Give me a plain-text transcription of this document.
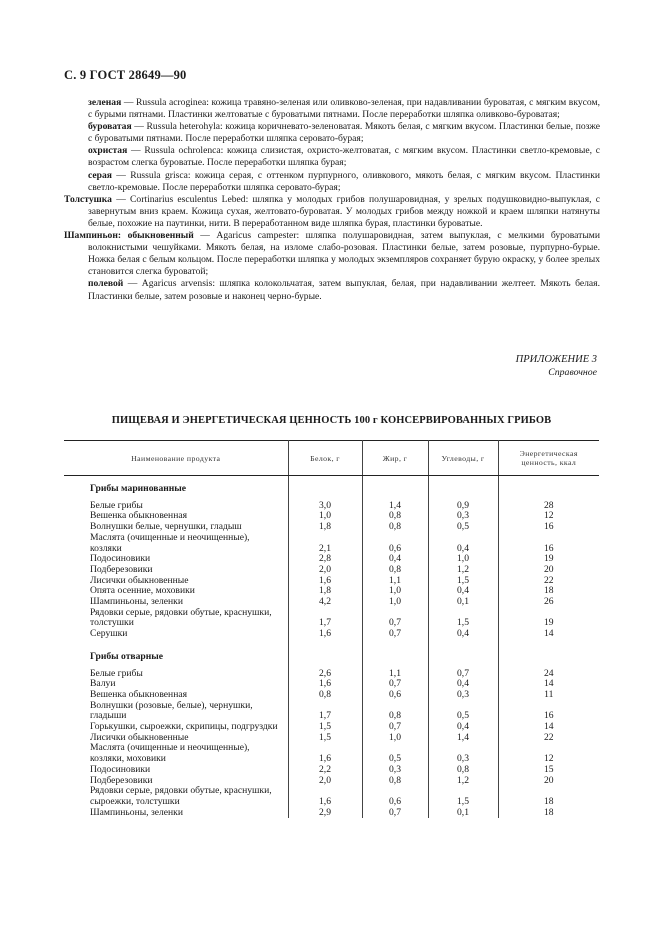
С. 9 ГОСТ 28649—90

зеленая — Russula acrоginea: кожица травяно-зеленая или оливково-зеленая, при надавливании буроватая, с мягким вкусом, с бурыми пятнами. Пластинки желтоватые с буроватыми пятнами. После переработки шляпка оливково-буроватая;

буроватая — Russula heterohyla: кожица коричневато-зеленоватая. Мякоть белая, с мягким вкусом. Пластинки белые, позже с буроватыми пятнами. После переработки шляпка серовато-бурая;

охристая — Russula ochrolenca: кожица слизистая, охристо-желтоватая, с мягким вкусом. Пластинки светло-кремовые, с возрастом слегка буроватые. После переработки шляпка бурая;

серая — Russula grisca: кожица серая, с оттенком пурпурного, оливкового, мякоть белая, с мягким вкусом. Пластинки светло-кремовые. После переработки шляпка серовато-бурая;

Толстушка — Cortinarius esculentus Lebed: шляпка у молодых грибов полушаровидная, у зрелых подушковидно-выпуклая, с завернутым вниз краем. Кожица сухая, желтовато-буроватая. У молодых грибов между ножкой и краем шляпки натянуты белые, похожие на паутинки, нити. В переработанном виде шляпка бурая, пластинки буроватые.

Шампиньон: обыкновенный — Agaricus campester: шляпка полушаровидная, затем выпуклая, с мелкими буроватыми волокнистыми чешуйками. Мякоть белая, на изломе слабо-розовая. Пластинки белые, затем розовые, пурпурно-бурые. Ножка белая с белым кольцом. После переработки шляпка у молодых экземпляров сохраняет бурую окраску, у более зрелых становится слегка буроватой;

полевой — Agaricus arvensis: шляпка колокольчатая, затем выпуклая, белая, при надавливании желтеет. Мякоть белая. Пластинки белые, затем розовые и наконец черно-бурые.

ПРИЛОЖЕНИЕ 3
Справочное
ПИЩЕВАЯ И ЭНЕРГЕТИЧЕСКАЯ ЦЕННОСТЬ 100 г КОНСЕРВИРОВАННЫХ ГРИБОВ
Наименование продукта	Белок, г	Жир, г	Углеводы, г	Энергетическая ценность, ккал

Грибы маринованные				
Белые грибы	3,0	1,4	0,9	28
Вешенка обыкновенная	1,0	0,8	0,3	12
Волнушки белые, чернушки, гладыш	1,8	0,8	0,5	16
Маслята (очищенные и неочищенные), козляки	2,1	0,6	0,4	16
Подосиновики	2,8	0,4	1,0	19
Подберезовики	2,0	0,8	1,2	20
Лисички обыкновенные	1,6	1,1	1,5	22
Опята осенние, моховики	1,8	1,0	0,4	18
Шампиньоны, зеленки	4,2	1,0	0,1	26
Рядовки серые, рядовки обутые, краснушки, толстушки	1,7	0,7	1,5	19
Серушки	1,6	0,7	0,4	14

Грибы отварные				
Белые грибы	2,6	1,1	0,7	24
Валуи	1,6	0,7	0,4	14
Вешенка обыкновенная	0,8	0,6	0,3	11
Волнушки (розовые, белые), чернушки, гладыши	1,7	0,8	0,5	16
Горькушки, сыроежки, скрипицы, подгруздки	1,5	0,7	0,4	14
Лисички обыкновенные	1,5	1,0	1,4	22
Маслята (очищенные и неочищенные), козляки, моховики	1,6	0,5	0,3	12
Подосиновики	2,2	0,3	0,8	15
Подберезовики	2,0	0,8	1,2	20
Рядовки серые, рядовки обутые, краснушки, сыроежки, толстушки	1,6	0,6	1,5	18
Шампиньоны, зеленки	2,9	0,7	0,1	18
